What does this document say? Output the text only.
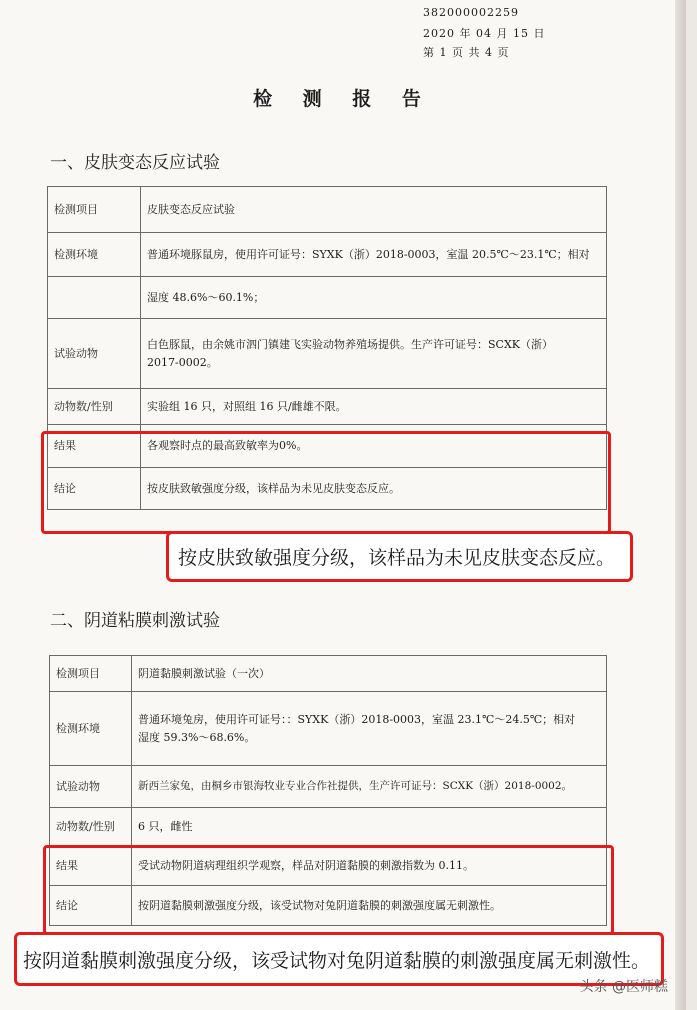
382000002259
2020 年 04 月 15 日
第 1 页 共 4 页
检 测 报 告
一、皮肤变态反应试验
检测项目	皮肤变态反应试验
检测环境	普通环境豚鼠房，使用许可证号：SYXK（浙）2018-0003，室温 20.5℃～23.1℃；相对
	湿度 48.6%～60.1%；
试验动物	白色豚鼠，由余姚市泗门镇建飞实验动物养殖场提供。生产许可证号：SCXK（浙）
2017-0002。

动物数/性别	实验组 16 只，对照组 16 只/雌雄不限。
结果	各观察时点的最高致敏率为0%。
结论	按皮肤致敏强度分级，该样品为未见皮肤变态反应。
按皮肤致敏强度分级，该样品为未见皮肤变态反应。
二、阴道粘膜刺激试验
检测项目	阴道黏膜刺激试验（一次）
检测环境	普通环境兔房，使用许可证号：：SYXK（浙）2018-0003，室温 23.1℃～24.5℃；相对
湿度 59.3%～68.6%。

试验动物	新西兰家兔，由桐乡市银海牧业专业合作社提供，生产许可证号：SCXK（浙）2018-0002。
动物数/性别	6 只，雌性
结果	受试动物阴道病理组织学观察，样品对阴道黏膜的刺激指数为 0.11。
结论	按阴道黏膜刺激强度分级，该受试物对兔阴道黏膜的刺激强度属无刺激性。
按阴道黏膜刺激强度分级，该受试物对兔阴道黏膜的刺激强度属无刺激性。
头条 @医师糕
